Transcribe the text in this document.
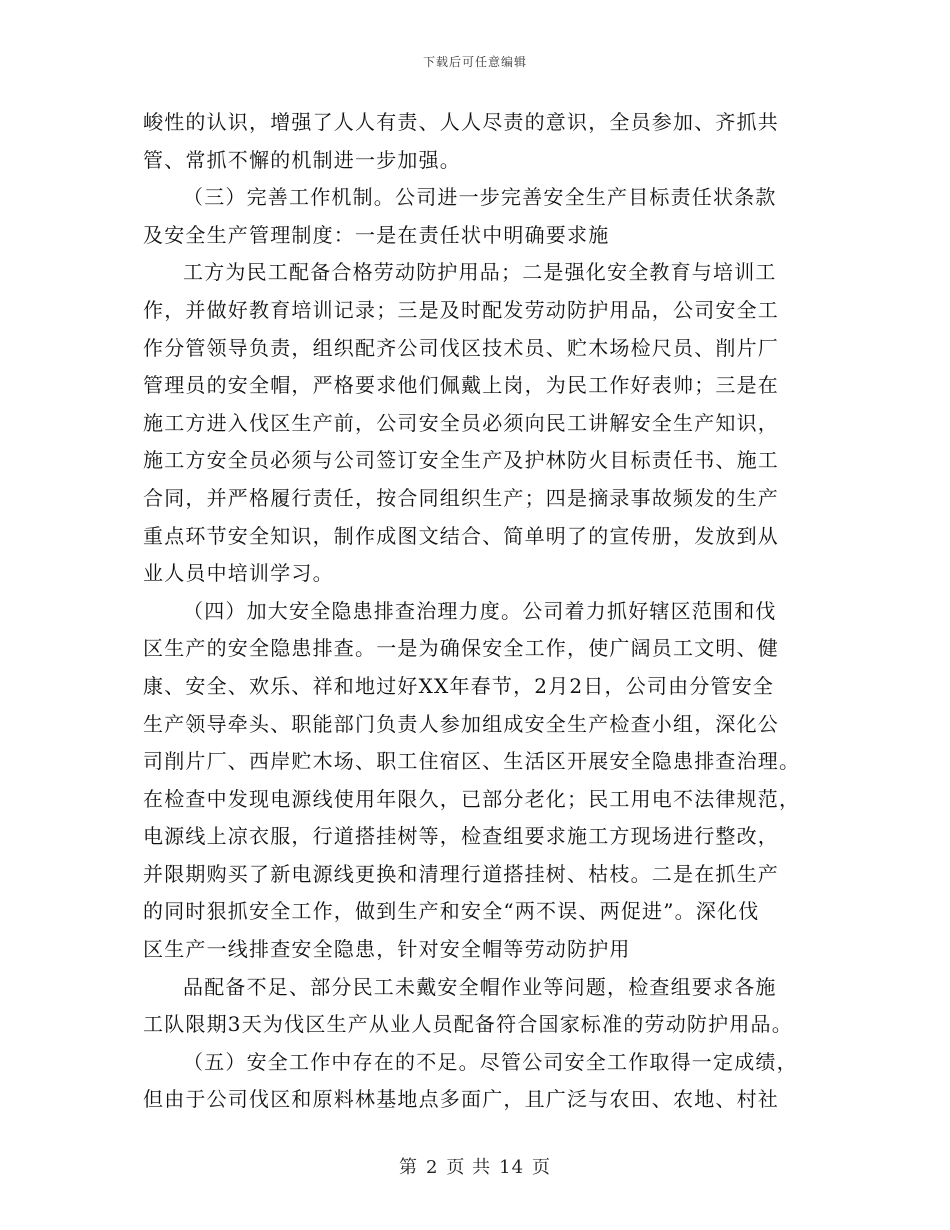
下载后可任意编辑
峻性的认识，增强了人人有责、人人尽责的意识，全员参加、齐抓共
管、常抓不懈的机制进一步加强。
（三）完善工作机制。公司进一步完善安全生产目标责任状条款
及安全生产管理制度：一是在责任状中明确要求施
工方为民工配备合格劳动防护用品；二是强化安全教育与培训工
作，并做好教育培训记录；三是及时配发劳动防护用品，公司安全工
作分管领导负责，组织配齐公司伐区技术员、贮木场检尺员、削片厂
管理员的安全帽，严格要求他们佩戴上岗，为民工作好表帅；三是在
施工方进入伐区生产前，公司安全员必须向民工讲解安全生产知识，
施工方安全员必须与公司签订安全生产及护林防火目标责任书、施工
合同，并严格履行责任，按合同组织生产；四是摘录事故频发的生产
重点环节安全知识，制作成图文结合、简单明了的宣传册，发放到从
业人员中培训学习。
（四）加大安全隐患排查治理力度。公司着力抓好辖区范围和伐
区生产的安全隐患排查。一是为确保安全工作，使广阔员工文明、健
康、安全、欢乐、祥和地过好XX年春节，2月2日，公司由分管安全
生产领导牵头、职能部门负责人参加组成安全生产检查小组，深化公
司削片厂、西岸贮木场、职工住宿区、生活区开展安全隐患排查治理。
在检查中发现电源线使用年限久，已部分老化；民工用电不法律规范，
电源线上凉衣服，行道搭挂树等，检查组要求施工方现场进行整改，
并限期购买了新电源线更换和清理行道搭挂树、枯枝。二是在抓生产
的同时狠抓安全工作，做到生产和安全“两不误、两促进”。深化伐
区生产一线排查安全隐患，针对安全帽等劳动防护用
品配备不足、部分民工未戴安全帽作业等问题，检查组要求各施
工队限期3天为伐区生产从业人员配备符合国家标准的劳动防护用品。
（五）安全工作中存在的不足。尽管公司安全工作取得一定成绩，
但由于公司伐区和原料林基地点多面广，且广泛与农田、农地、村社
第 2 页 共 14 页
